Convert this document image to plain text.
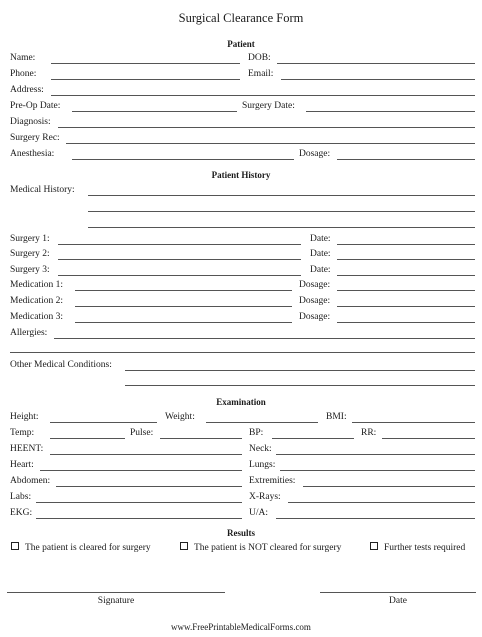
Surgical Clearance Form
Patient
Name:	DOB:
Phone:	Email:
Address:
Pre-Op Date:	Surgery Date:
Diagnosis:
Surgery Rec:
Anesthesia:	Dosage:
Patient History
Medical History:
Surgery 1:	Date:
Surgery 2:	Date:
Surgery 3:	Date:
Medication 1:	Dosage:
Medication 2:	Dosage:
Medication 3:	Dosage:
Allergies:
Other Medical Conditions:
Examination
Height:	Weight:	BMI:
Temp:	Pulse:	BP:	RR:
HEENT:	Neck:
Heart:	Lungs:
Abdomen:	Extremities:
Labs:	X-Rays:
EKG:	U/A:
Results
The patient is cleared for surgery	The patient is NOT cleared for surgery	Further tests required
Signature	Date
www.FreePrintableMedicalForms.com
